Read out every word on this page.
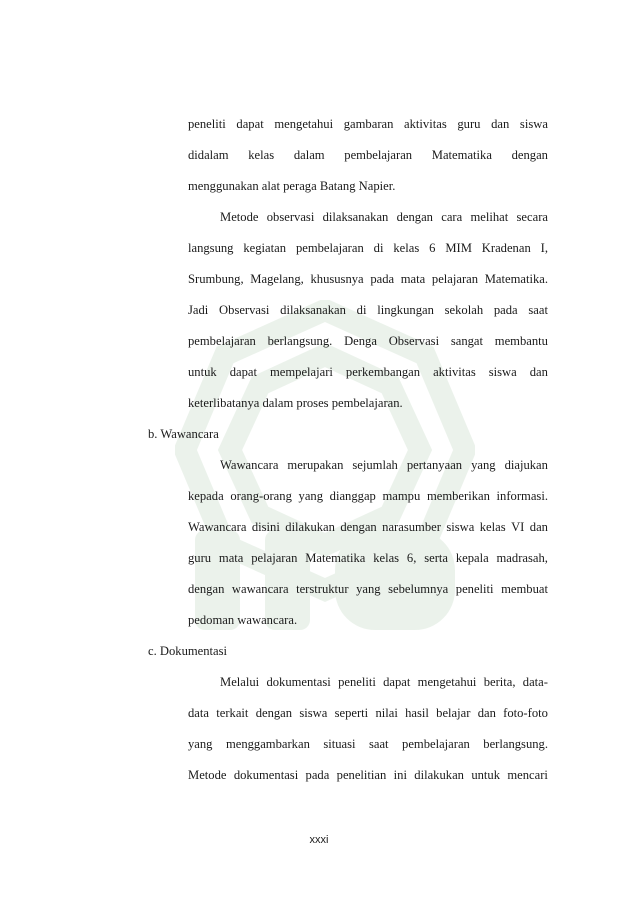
peneliti dapat mengetahui gambaran aktivitas guru dan siswa
didalam kelas dalam pembelajaran Matematika dengan
menggunakan alat peraga Batang Napier.
Metode observasi dilaksanakan dengan cara melihat secara
langsung kegiatan pembelajaran di kelas 6 MIM Kradenan I,
Srumbung, Magelang, khususnya pada mata pelajaran Matematika.
Jadi Observasi dilaksanakan di lingkungan sekolah pada saat
pembelajaran berlangsung. Denga Observasi sangat membantu
untuk dapat mempelajari perkembangan aktivitas siswa dan
keterlibatanya dalam proses pembelajaran.
b. Wawancara
Wawancara merupakan sejumlah pertanyaan yang diajukan
kepada orang-orang yang dianggap mampu memberikan informasi.
Wawancara disini dilakukan dengan narasumber siswa kelas VI dan
guru mata pelajaran Matematika kelas 6, serta kepala madrasah,
dengan wawancara terstruktur yang sebelumnya peneliti membuat
pedoman wawancara.
c. Dokumentasi
Melalui dokumentasi peneliti dapat mengetahui berita, data-
data terkait dengan siswa seperti nilai hasil belajar dan foto-foto
yang menggambarkan situasi saat pembelajaran berlangsung.
Metode dokumentasi pada penelitian ini dilakukan untuk mencari
xxxi
